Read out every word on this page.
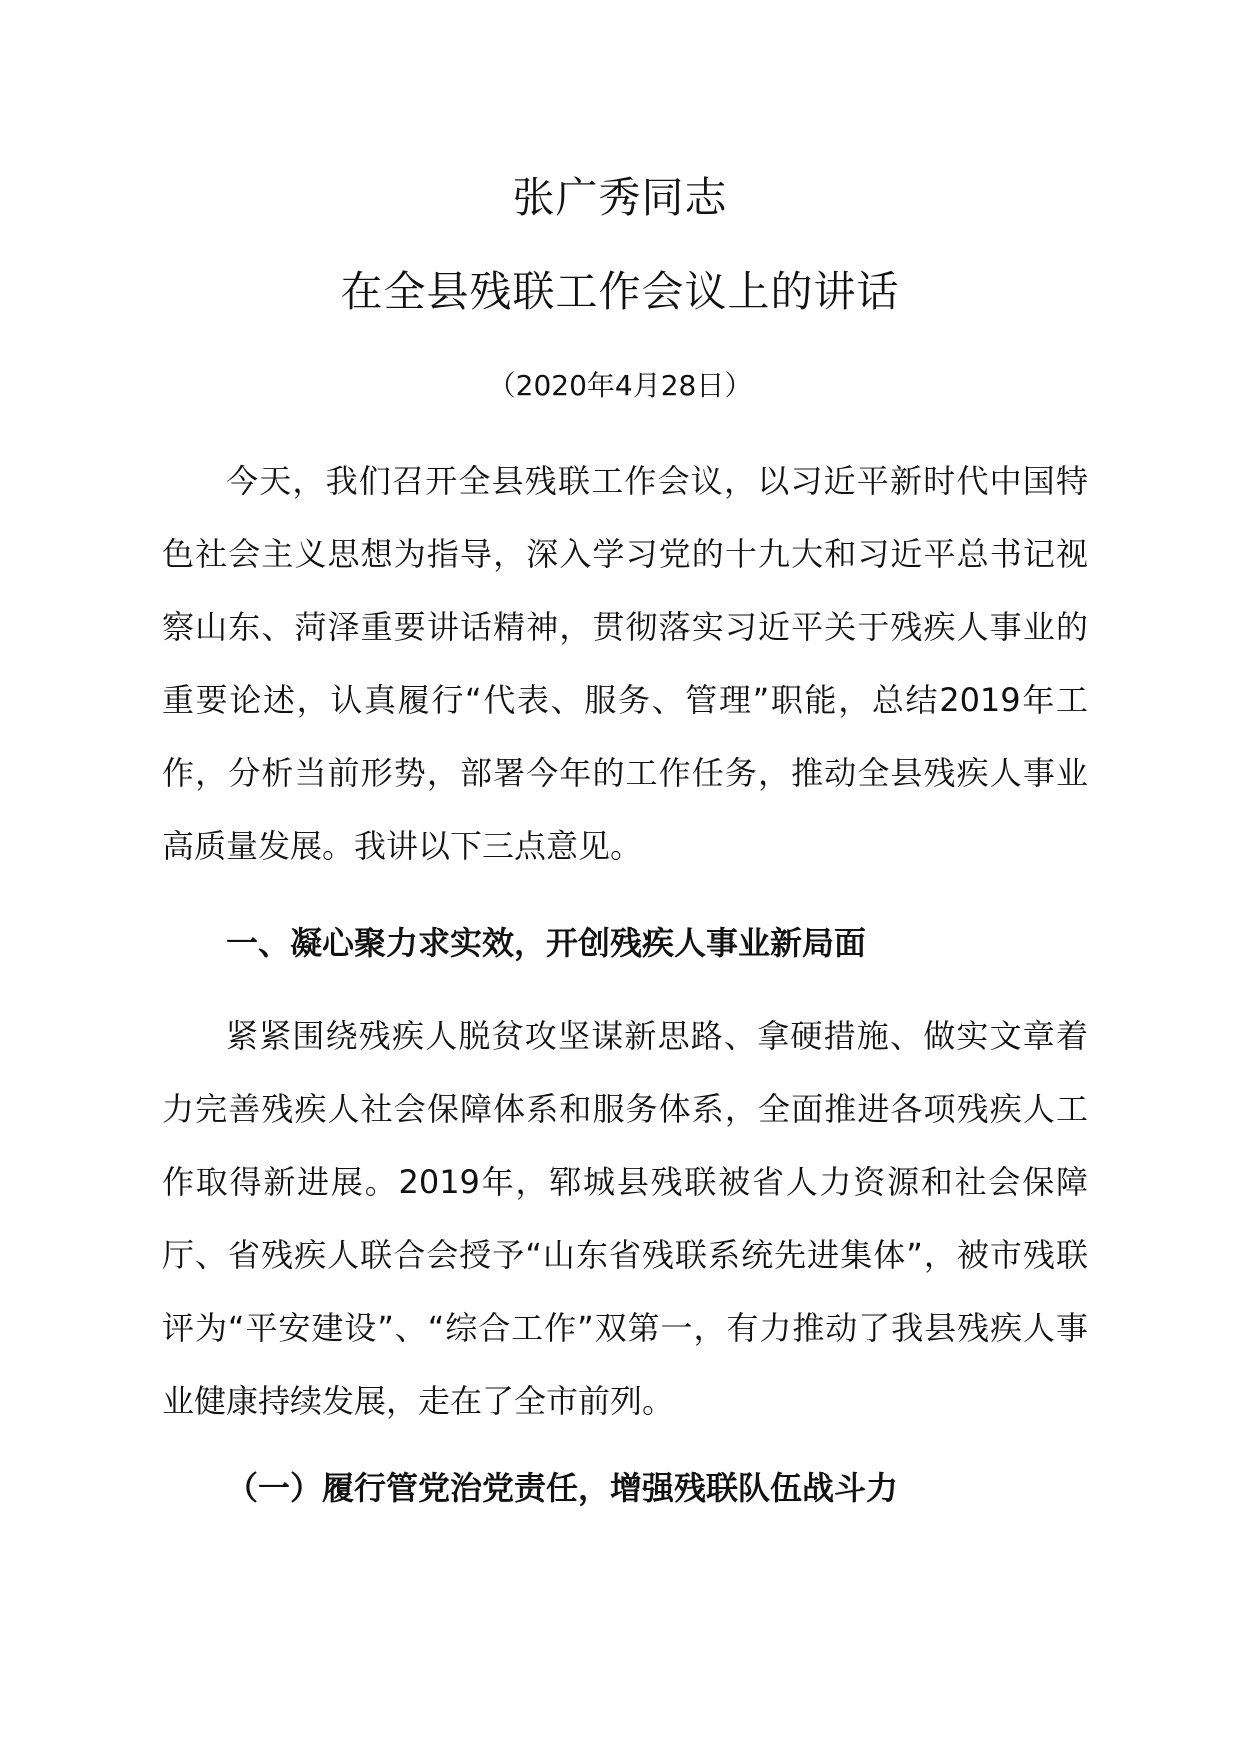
张广秀同志
在全县残联工作会议上的讲话
（2020年4月28日）

今天，我们召开全县残联工作会议，以习近平新时代中国特色社会主义思想为指导，深入学习党的十九大和习近平总书记视察山东、菏泽重要讲话精神，贯彻落实习近平关于残疾人事业的重要论述，认真履行“代表、服务、管理”职能，总结2019年工作，分析当前形势，部署今年的工作任务，推动全县残疾人事业高质量发展。我讲以下三点意见。

一、凝心聚力求实效，开创残疾人事业新局面

紧紧围绕残疾人脱贫攻坚谋新思路、拿硬措施、做实文章着力完善残疾人社会保障体系和服务体系，全面推进各项残疾人工作取得新进展。2019年，郓城县残联被省人力资源和社会保障厅、省残疾人联合会授予“山东省残联系统先进集体”，被市残联评为“平安建设”、“综合工作”双第一，有力推动了我县残疾人事业健康持续发展，走在了全市前列。

（一）履行管党治党责任，增强残联队伍战斗力
